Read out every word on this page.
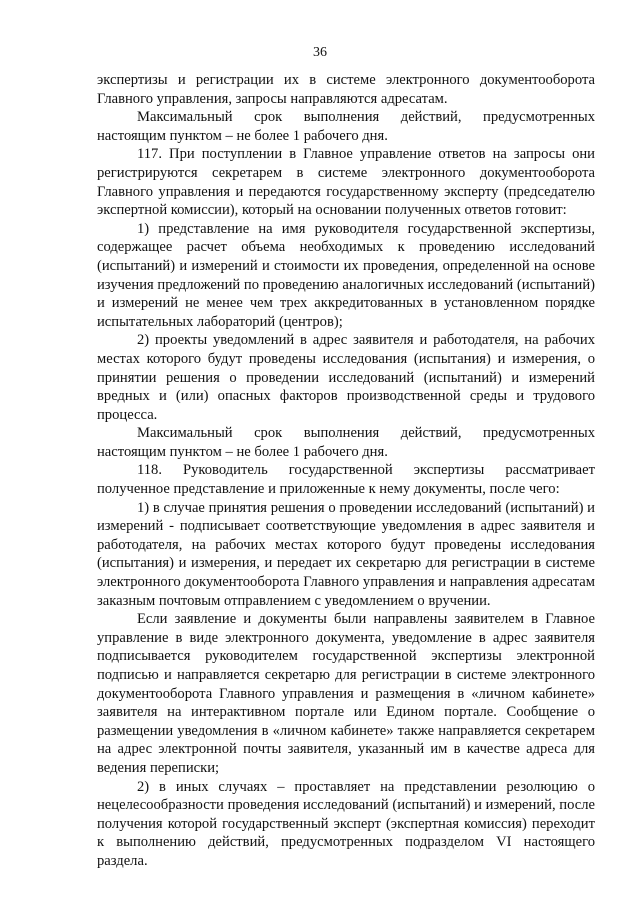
36

экспертизы и регистрации их в системе электронного документооборота Главного управления, запросы направляются адресатам.

Максимальный срок выполнения действий, предусмотренных настоящим пунктом – не более 1 рабочего дня.

117. При поступлении в Главное управление ответов на запросы они регистрируются секретарем в системе электронного документооборота Главного управления и передаются государственному эксперту (председателю экспертной комиссии), который на основании полученных ответов готовит:

1) представление на имя руководителя государственной экспертизы, содержащее расчет объема необходимых к проведению исследований (испытаний) и измерений и стоимости их проведения, определенной на основе изучения предложений по проведению аналогичных исследований (испытаний) и измерений не менее чем трех аккредитованных в установленном порядке испытательных лабораторий (центров);

2) проекты уведомлений в адрес заявителя и работодателя, на рабочих местах которого будут проведены исследования (испытания) и измерения, о принятии решения о проведении исследований (испытаний) и измерений вредных и (или) опасных факторов производственной среды и трудового процесса.

Максимальный срок выполнения действий, предусмотренных настоящим пунктом – не более 1 рабочего дня.

118. Руководитель государственной экспертизы рассматривает полученное представление и приложенные к нему документы, после чего:

1) в случае принятия решения о проведении исследований (испытаний) и измерений - подписывает соответствующие уведомления в адрес заявителя и работодателя, на рабочих местах которого будут проведены исследования (испытания) и измерения, и передает их секретарю для регистрации в системе электронного документооборота Главного управления и направления адресатам заказным почтовым отправлением с уведомлением о вручении.

Если заявление и документы были направлены заявителем в Главное управление в виде электронного документа, уведомление в адрес заявителя подписывается руководителем государственной экспертизы электронной подписью и направляется секретарю для регистрации в системе электронного документооборота Главного управления и размещения в «личном кабинете» заявителя на интерактивном портале или Едином портале. Сообщение о размещении уведомления в «личном кабинете» также направляется секретарем на адрес электронной почты заявителя, указанный им в качестве адреса для ведения переписки;

2) в иных случаях – проставляет на представлении резолюцию о нецелесообразности проведения исследований (испытаний) и измерений, после получения которой государственный эксперт (экспертная комиссия) переходит к выполнению действий, предусмотренных подразделом VI настоящего раздела.
